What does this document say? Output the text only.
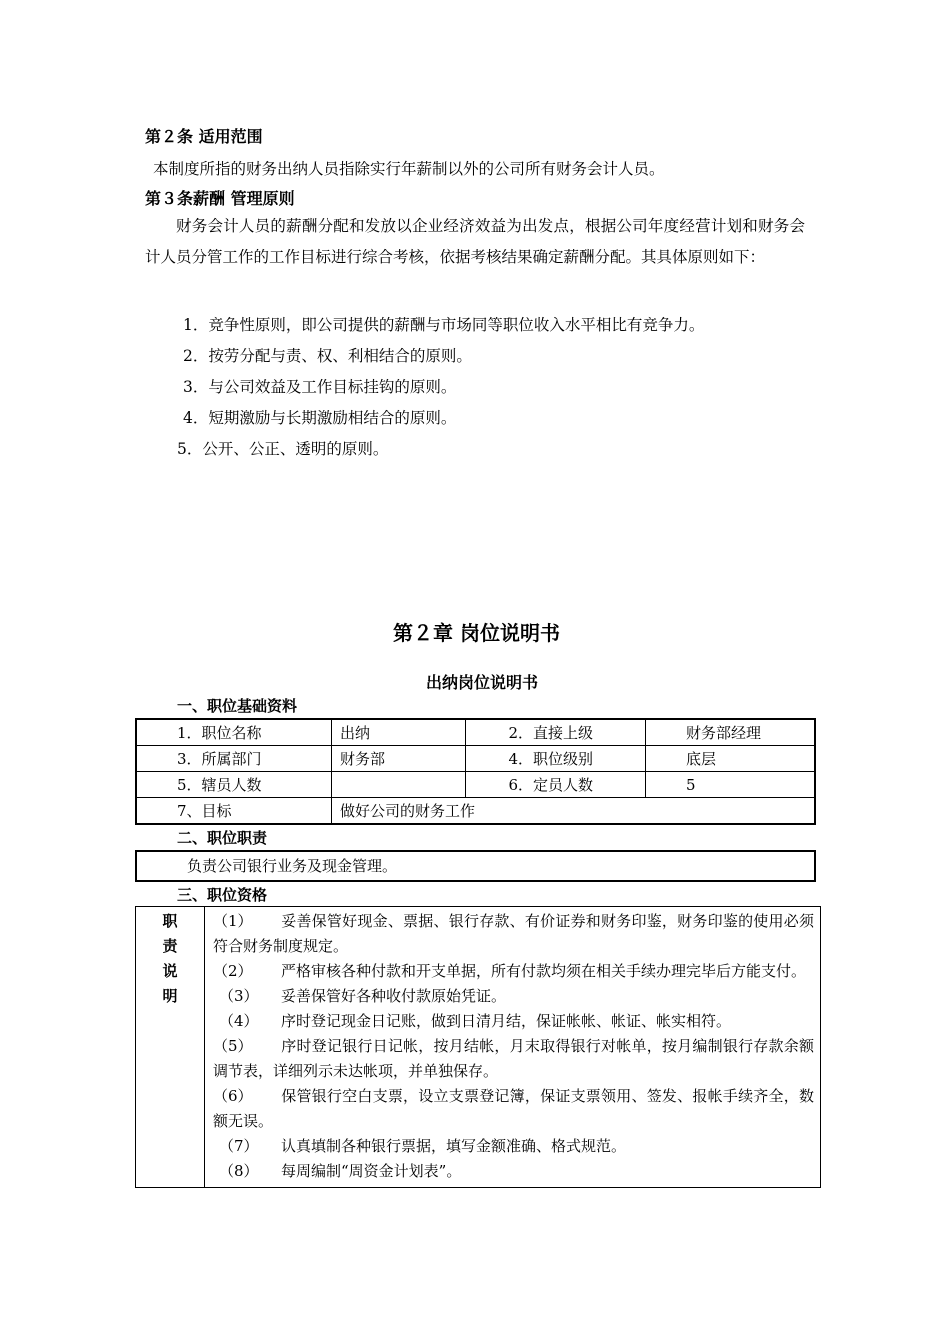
第２条 适用范围
本制度所指的财务出纳人员指除实行年薪制以外的公司所有财务会计人员。
第３条薪酬 管理原则
财务会计人员的薪酬分配和发放以企业经济效益为出发点，根据公司年度经营计划和财务会计人员分管工作的工作目标进行综合考核，依据考核结果确定薪酬分配。其具体原则如下：
1．竞争性原则，即公司提供的薪酬与市场同等职位收入水平相比有竞争力。
2．按劳分配与责、权、利相结合的原则。
3．与公司效益及工作目标挂钩的原则。
4．短期激励与长期激励相结合的原则。
5．公开、公正、透明的原则。
第２章 岗位说明书
出纳岗位说明书
一、职位基础资料
1．职位名称	出纳	2．直接上级	财务部经理
3．所属部门	财务部	4．职位级别	底层
5．辖员人数		6．定员人数	5
7、目标	做好公司的财务工作		
二、职位职责
负责公司银行业务及现金管理。
三、职位资格
职
责
说
明

（1） 妥善保管好现金、票据、银行存款、有价证券和财务印鉴，财务印鉴的使用必须符合财务制度规定。
（2） 严格审核各种付款和开支单据，所有付款均须在相关手续办理完毕后方能支付。
（3） 妥善保管好各种收付款原始凭证。
（4） 序时登记现金日记账，做到日清月结，保证帐帐、帐证、帐实相符。
（5） 序时登记银行日记帐，按月结帐，月末取得银行对帐单，按月编制银行存款余额调节表，详细列示未达帐项，并单独保存。
（6） 保管银行空白支票，设立支票登记簿，保证支票领用、签发、报帐手续齐全，数额无误。
（7） 认真填制各种银行票据，填写金额准确、格式规范。
（8） 每周编制“周资金计划表”。
